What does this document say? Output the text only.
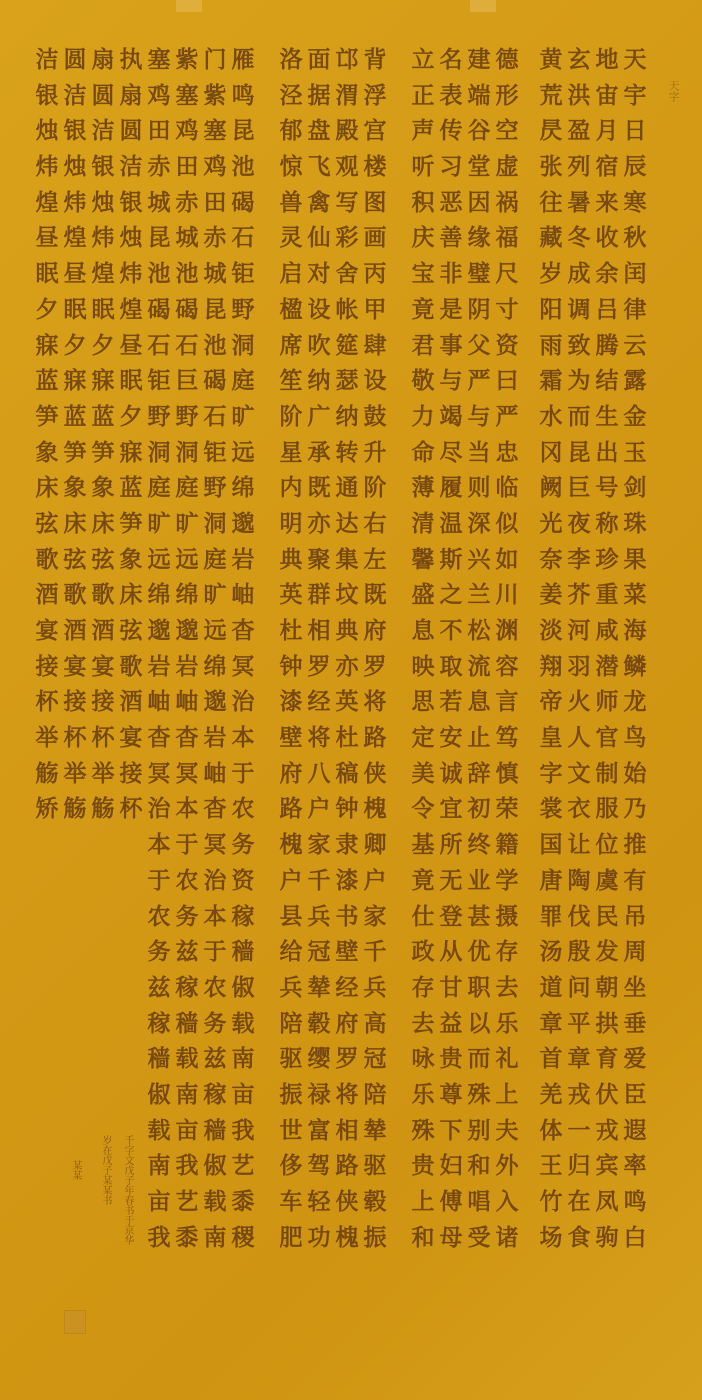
天字
天
宇
日
辰
寒
秋
闰
律
云
露
金
玉
剑
珠
果
菜
海
鳞
龙
鸟
始
乃
推
有
吊
周
坐
垂
爱
臣
遐
率
鸣
白
地
宙
月
宿
来
收
余
吕
腾
结
生
出
号
称
珍
重
咸
潜
师
官
制
服
位
虞
民
发
朝
拱
育
伏
戎
宾
凤
驹
玄
洪
盈
列
暑
冬
成
调
致
为
而
昆
巨
夜
李
芥
河
羽
火
人
文
衣
让
陶
伐
殷
问
平
章
戎
一
归
在
食
黄
荒
昃
张
往
藏
岁
阳
雨
霜
水
冈
阙
光
奈
姜
淡
翔
帝
皇
字
裳
国
唐
罪
汤
道
章
首
羌
体
王
竹
场
德
形
空
虚
祸
福
尺
寸
资
曰
严
忠
临
似
如
川
渊
容
言
笃
慎
荣
籍
学
摄
存
去
乐
礼
上
夫
外
入
诸
建
端
谷
堂
因
缘
璧
阴
父
严
与
当
则
深
兴
兰
松
流
息
止
辞
初
终
业
甚
优
职
以
而
殊
别
和
唱
受
名
表
传
习
恶
善
非
是
事
与
竭
尽
履
温
斯
之
不
取
若
安
诚
宜
所
无
登
从
甘
益
贵
尊
下
妇
傅
母
立
正
声
听
积
庆
宝
竟
君
敬
力
命
薄
清
馨
盛
息
映
思
定
美
令
基
竟
仕
政
存
去
咏
乐
殊
贵
上
和
背
浮
宫
楼
图
画
丙
甲
肆
设
鼓
升
阶
右
左
既
府
罗
将
路
侠
槐
卿
户
家
千
兵
高
冠
陪
辇
驱
毂
振
邙
渭
殿
观
写
彩
舍
帐
筵
瑟
纳
转
通
达
集
坟
典
亦
英
杜
稿
钟
隶
漆
书
壁
经
府
罗
将
相
路
侠
槐
面
据
盘
飞
禽
仙
对
设
吹
纳
广
承
既
亦
聚
群
相
罗
经
将
八
户
家
千
兵
冠
辇
毂
缨
禄
富
驾
轻
功
洛
泾
郁
惊
兽
灵
启
楹
席
笙
阶
星
内
明
典
英
杜
钟
漆
壁
府
路
槐
户
县
给
兵
陪
驱
振
世
侈
车
肥
雁
鸣
昆
池
碣
石
钜
野
洞
庭
旷
远
绵
邈
岩
岫
杳
冥
治
本
于
农
务
资
稼
穑
俶
载
南
亩
我
艺
黍
稷
门
紫
塞
鸡
田
赤
城
昆
池
碣
石
钜
野
洞
庭
旷
远
绵
邈
岩
岫
杳
冥
治
本
于
农
务
兹
稼
穑
俶
载
南
紫
塞
鸡
田
赤
城
池
碣
石
巨
野
洞
庭
旷
远
绵
邈
岩
岫
杳
冥
本
于
农
务
兹
稼
穑
载
南
亩
我
艺
黍
塞
鸡
田
赤
城
昆
池
碣
石
钜
野
洞
庭
旷
远
绵
邈
岩
岫
杳
冥
治
本
于
农
务
兹
稼
穑
俶
载
南
亩
我
执
扇
圆
洁
银
烛
炜
煌
昼
眠
夕
寐
蓝
笋
象
床
弦
歌
酒
宴
接
杯
扇
圆
洁
银
烛
炜
煌
眠
夕
寐
蓝
笋
象
床
弦
歌
酒
宴
接
杯
举
觞
圆
洁
银
烛
炜
煌
昼
眠
夕
寐
蓝
笋
象
床
弦
歌
酒
宴
接
杯
举
觞
洁
银
烛
炜
煌
昼
眠
夕
寐
蓝
笋
象
床
弦
歌
酒
宴
接
杯
举
觞
矫
千字文戊子年春书于京华
岁在戊子某某书
某某
